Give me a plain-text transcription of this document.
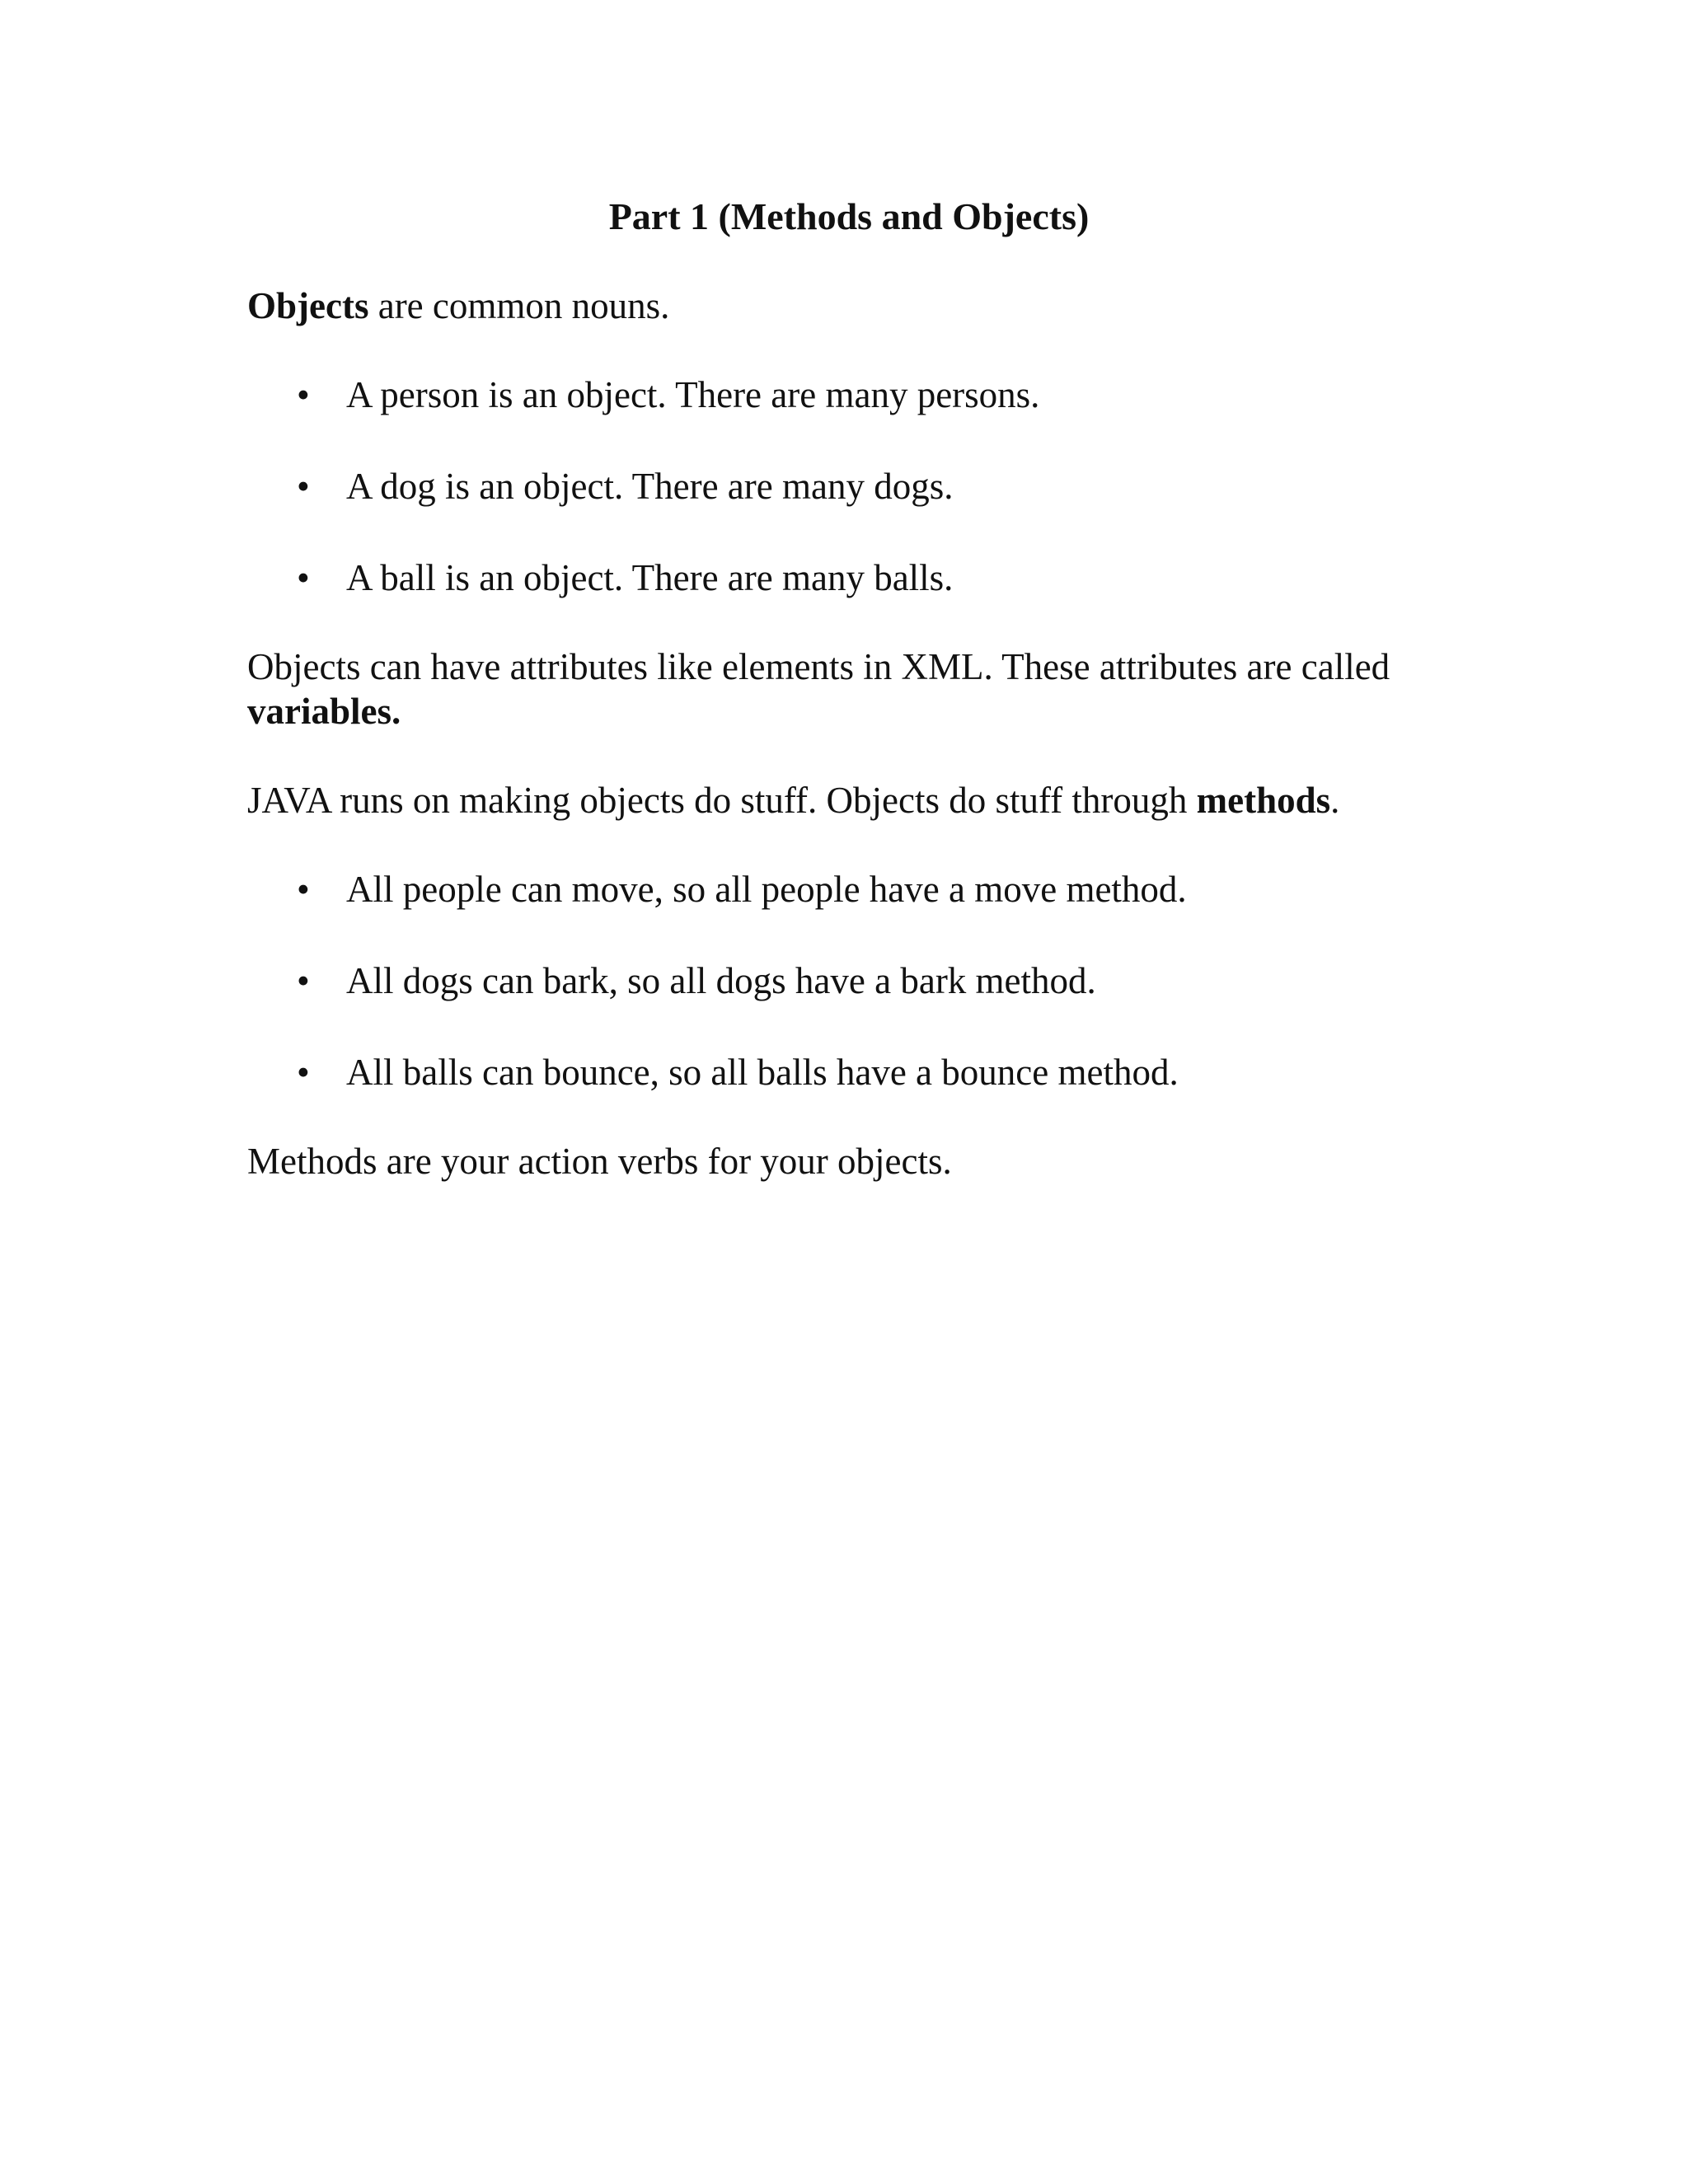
Part 1 (Methods and Objects)

Objects are common nouns.

• A person is an object. There are many persons.
• A dog is an object. There are many dogs.
• A ball is an object. There are many balls.

Objects can have attributes like elements in XML. These attributes are called variables.

JAVA runs on making objects do stuff. Objects do stuff through methods.

• All people can move, so all people have a move method.
• All dogs can bark, so all dogs have a bark method.
• All balls can bounce, so all balls have a bounce method.

Methods are your action verbs for your objects.
